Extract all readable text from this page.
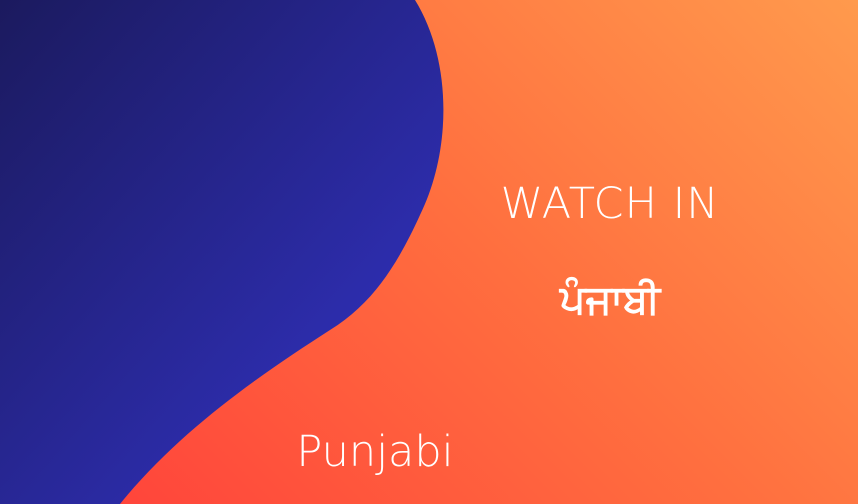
WATCH IN
ਪੰਜਾਬੀ
Punjabi
